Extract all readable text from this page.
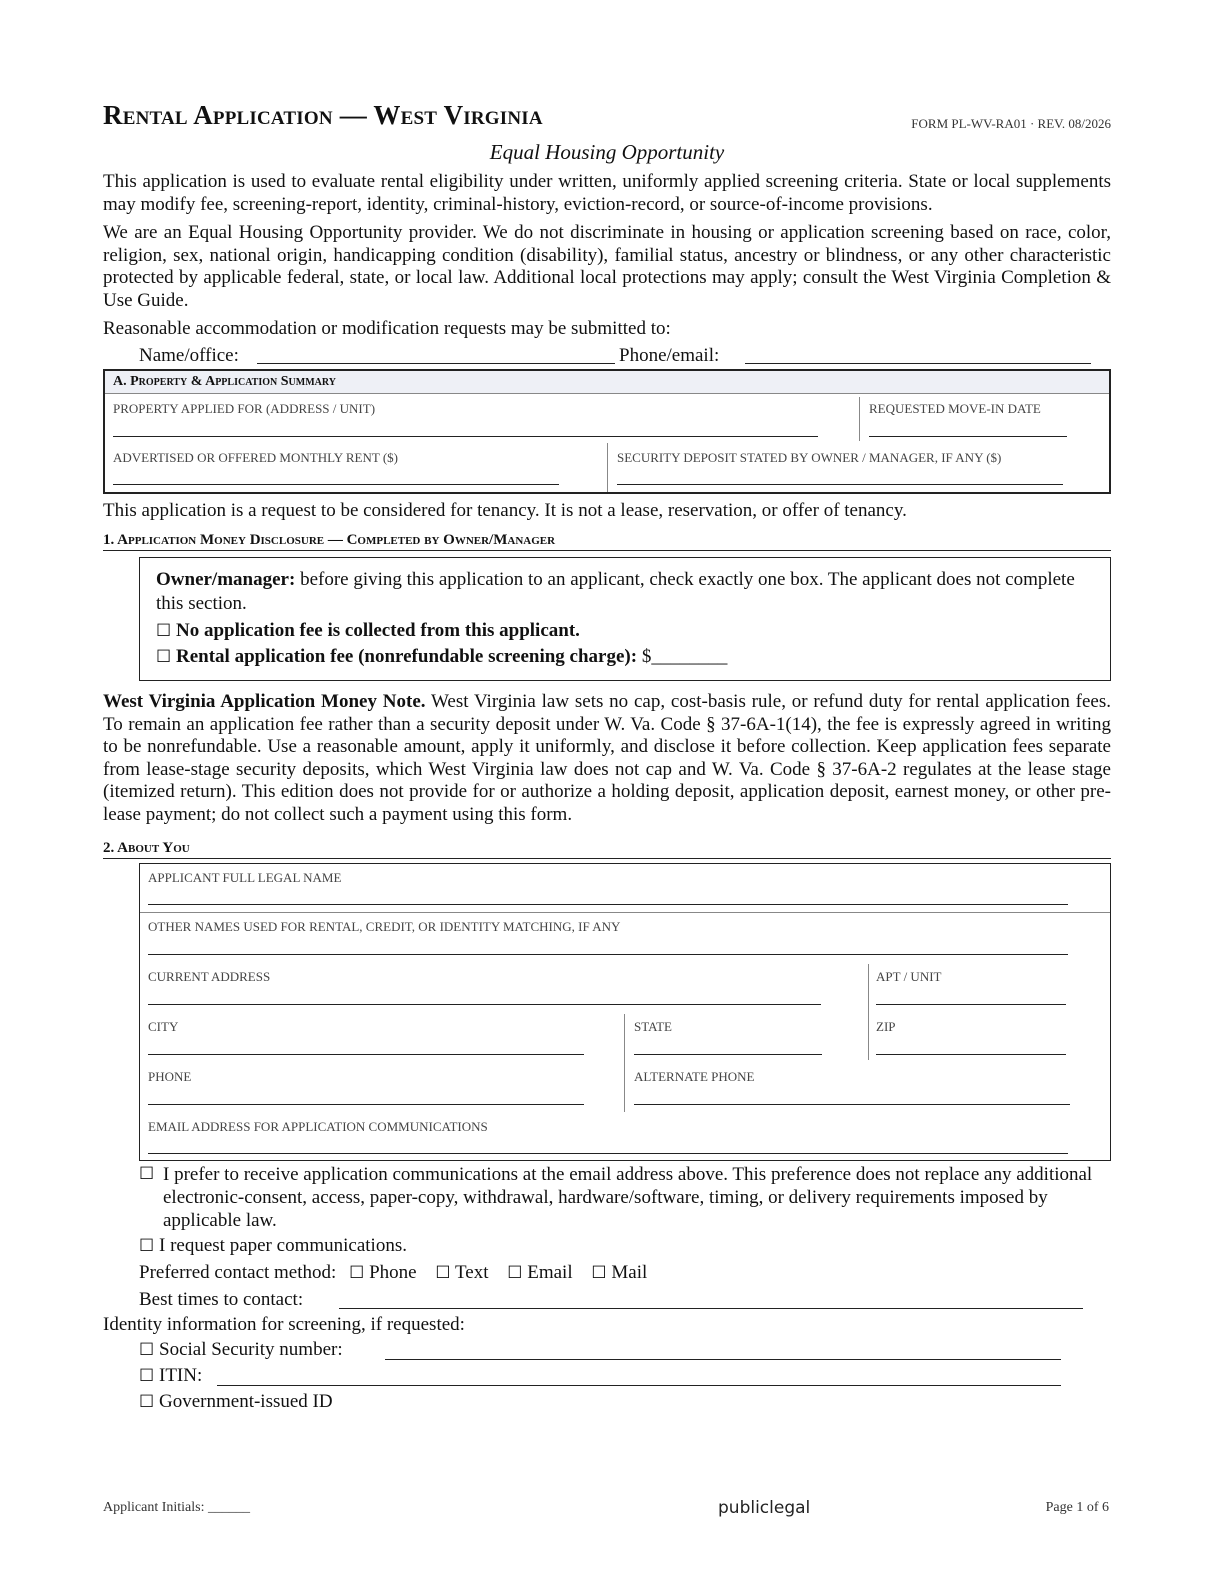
Rental Application — West Virginia	FORM PL-WV-RA01 · REV. 08/2026
Equal Housing Opportunity

This application is used to evaluate rental eligibility under written, uniformly applied screening criteria. State or local supplements may modify fee, screening-report, identity, criminal-history, eviction-record, or source-of-income provisions.

We are an Equal Housing Opportunity provider. We do not discriminate in housing or application screening based on race, color, religion, sex, national origin, handicapping condition (disability), familial status, ancestry or blindness, or any other characteristic protected by applicable federal, state, or local law. Additional local protections may apply; consult the West Virginia Completion & Use Guide.

Reasonable accommodation or modification requests may be submitted to:

Name/office:	Phone/email:
A. Property & Application Summary
PROPERTY APPLIED FOR (ADDRESS / UNIT)	REQUESTED MOVE-IN DATE
ADVERTISED OR OFFERED MONTHLY RENT ($)	SECURITY DEPOSIT STATED BY OWNER / MANAGER, IF ANY ($)

This application is a request to be considered for tenancy. It is not a lease, reservation, or offer of tenancy.

1. Application Money Disclosure — Completed by Owner/Manager
Owner/manager: before giving this application to an applicant, check exactly one box. The applicant does not complete this section.
☐ No application fee is collected from this applicant.
☐ Rental application fee (nonrefundable screening charge): $________

West Virginia Application Money Note. West Virginia law sets no cap, cost-basis rule, or refund duty for rental application fees. To remain an application fee rather than a security deposit under W. Va. Code § 37-6A-1(14), the fee is expressly agreed in writing to be nonrefundable. Use a reasonable amount, apply it uniformly, and disclose it before collection. Keep application fees separate from lease-stage security deposits, which West Virginia law does not cap and W. Va. Code § 37-6A-2 regulates at the lease stage (itemized return). This edition does not provide for or authorize a holding deposit, application deposit, earnest money, or other pre-lease payment; do not collect such a payment using this form.

2. About You
APPLICANT FULL LEGAL NAME
OTHER NAMES USED FOR RENTAL, CREDIT, OR IDENTITY MATCHING, IF ANY
CURRENT ADDRESS	APT / UNIT
CITY	STATE	ZIP
PHONE	ALTERNATE PHONE
EMAIL ADDRESS FOR APPLICATION COMMUNICATIONS
☐ I prefer to receive application communications at the email address above. This preference does not replace any additional electronic-consent, access, paper-copy, withdrawal, hardware/software, timing, or delivery requirements imposed by applicable law.
☐ I request paper communications.
Preferred contact method: ☐ Phone ☐ Text ☐ Email ☐ Mail
Best times to contact:
Identity information for screening, if requested:
☐ Social Security number:
☐ ITIN:
☐ Government-issued ID
Applicant Initials: ______	publiclegal	Page 1 of 6
